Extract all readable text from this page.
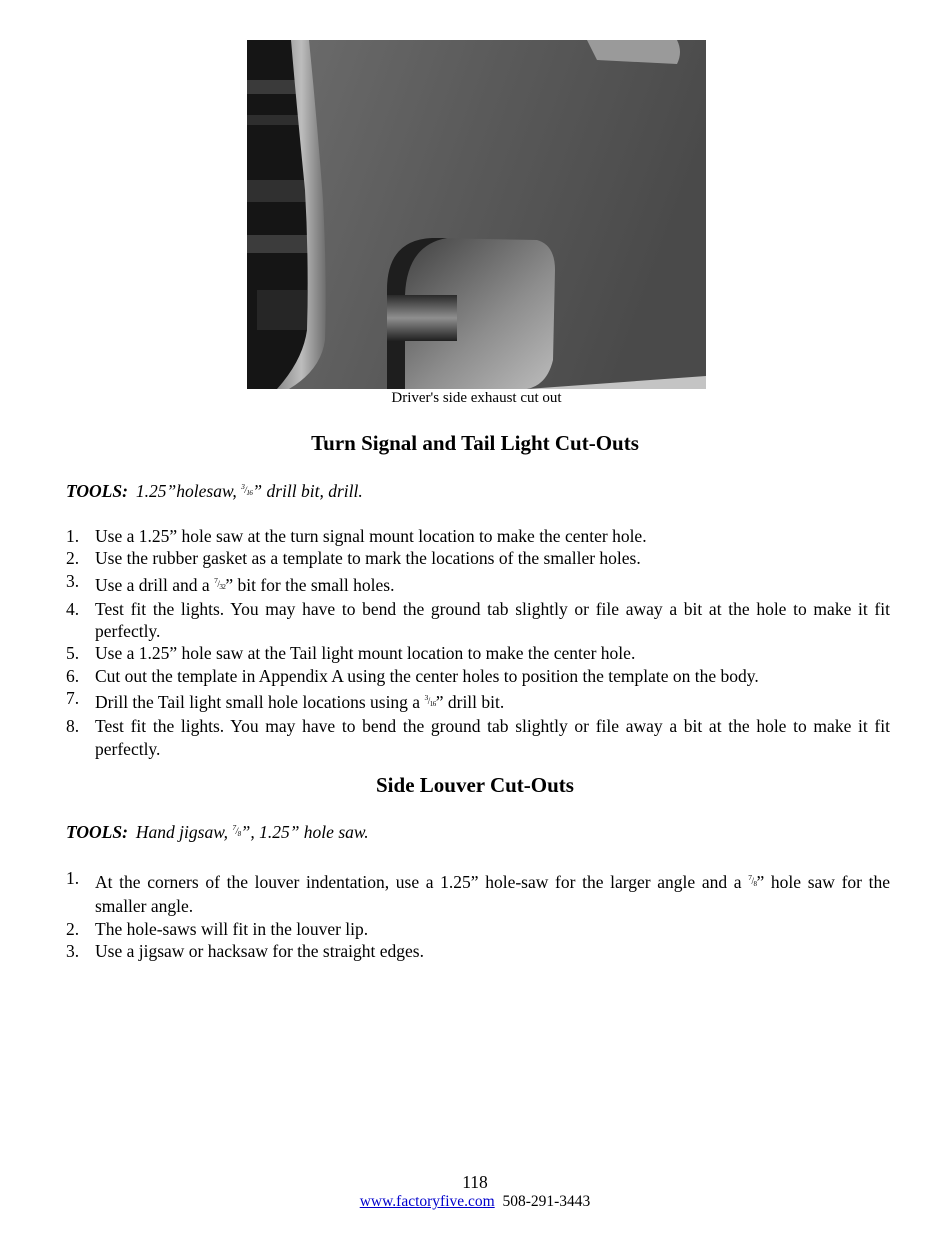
Driver's side exhaust cut out
Turn Signal and Tail Light Cut-Outs
TOOLS: 1.25”holesaw, $^{^3/_{16}}$” drill bit, drill.
1. Use a 1.25” hole saw at the turn signal mount location to make the center hole.
2. Use the rubber gasket as a template to mark the locations of the smaller holes.
3. Use a drill and a $^{^7/_{32}}$” bit for the small holes.
4. Test fit the lights. You may have to bend the ground tab slightly or file away a bit at the hole to make it fit perfectly.
5. Use a 1.25” hole saw at the Tail light mount location to make the center hole.
6. Cut out the template in Appendix A using the center holes to position the template on the body.
7. Drill the Tail light small hole locations using a $^{^3/_{16}}$” drill bit.
8. Test fit the lights. You may have to bend the ground tab slightly or file away a bit at the hole to make it fit perfectly.
Side Louver Cut-Outs
TOOLS: Hand jigsaw, $^{^7/_8}$”, 1.25” hole saw.
1. At the corners of the louver indentation, use a 1.25” hole-saw for the larger angle and a $^{^7/_8}$” hole saw for the smaller angle.
2. The hole-saws will fit in the louver lip.
3. Use a jigsaw or hacksaw for the straight edges.
118
www.factoryfive.com 508-291-3443
